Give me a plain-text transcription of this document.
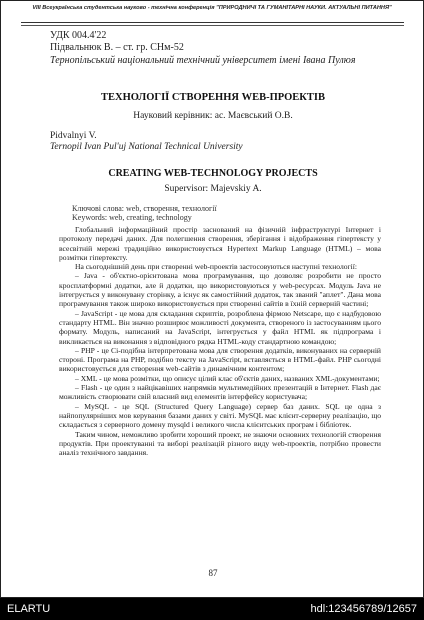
VIII Всеукраїнська студентська науково - технічна конференція "ПРИРОДНИЧІ ТА ГУМАНІТАРНІ НАУКИ. АКТУАЛЬНІ ПИТАННЯ"
УДК 004.4'22
Підвальнюк В. – ст. гр. СНм-52
Тернопільський національний технічний університет імені Івана Пулюя
ТЕХНОЛОГІЇ СТВОРЕННЯ WEB-ПРОЕКТІВ
Науковий керівник: ас. Маєвський О.В.
Pidvalnyi V.
Ternopil Ivan Pul'uj National Technical University
CREATING WEB-TECHNOLOGY PROJECTS
Supervisor: Majevskiy A.
Ключові слова: web, створення, технології
Keywords: web, creating, technology

Глобальний інформаційний простір заснований на фізичній інфраструктурі Інтернет і протоколу передачі даних. Для полегшення створення, зберігання і відображення гіпертексту у всесвітній мережі традиційно використовується Hypertext Markup Language (HTML) – мова розмітки гіпертексту.

На сьогоднішній день при створенні web-проектів застосовуються наступні технології:

– Java - об'єктно-орієнтована мова програмування, що дозволяє розробити не просто кросплатформні додатки, але й додатки, що використовуються у web-ресурсах. Модуль Java не інтегрується у виконувану сторінку, а існує як самостійний додаток, так званий "аплет". Дана мова програмування також широко використовується при створенні сайтів в їхній серверній частині;

– JavaScript - це мова для складання скриптів, розроблена фірмою Netscape, що є надбудовою стандарту HTML. Він значно розширює можливості документа, створеного із застосуванням цього формату. Модуль, написаний на JavaScript, інтегрується у файл HTML як підпрограма і викликається на виконання з відповідного рядка HTML-коду стандартною командою;

– PHP - це Сі-подібна інтерпретована мова для створення додатків, виконуваних на серверній стороні. Програма на PHP, подібно тексту на JavaScript, вставляється в HTML-файл. PHP сьогодні використовується для створення web-сайтів з динамічним контентом;

– XML - це мова розмітки, що описує цілий клас об'єктів даних, названих XML-документами;

– Flash - це один з найцікавіших напрямків мультимедійних презентацій в Інтернет. Flash дає можливість створювати свій власний вид елементів інтерфейсу користувача;

– MySQL - це SQL (Structured Query Language) сервер баз даних. SQL це одна з найпопулярніших мов керування базами даних у світі. MySQL має клієнт-серверну реалізацію, що складається з серверного домену mysqld і великого числа клієнтських програм і бібліотек.

Таким чином, неможливо зробити хороший проект, не знаючи основних технологій створення продуктів. При проектуванні та виборі реалізацій різного виду web-проектів, потрібно провести аналіз технічного завдання.

87
ELARTU	hdl:123456789/12657
